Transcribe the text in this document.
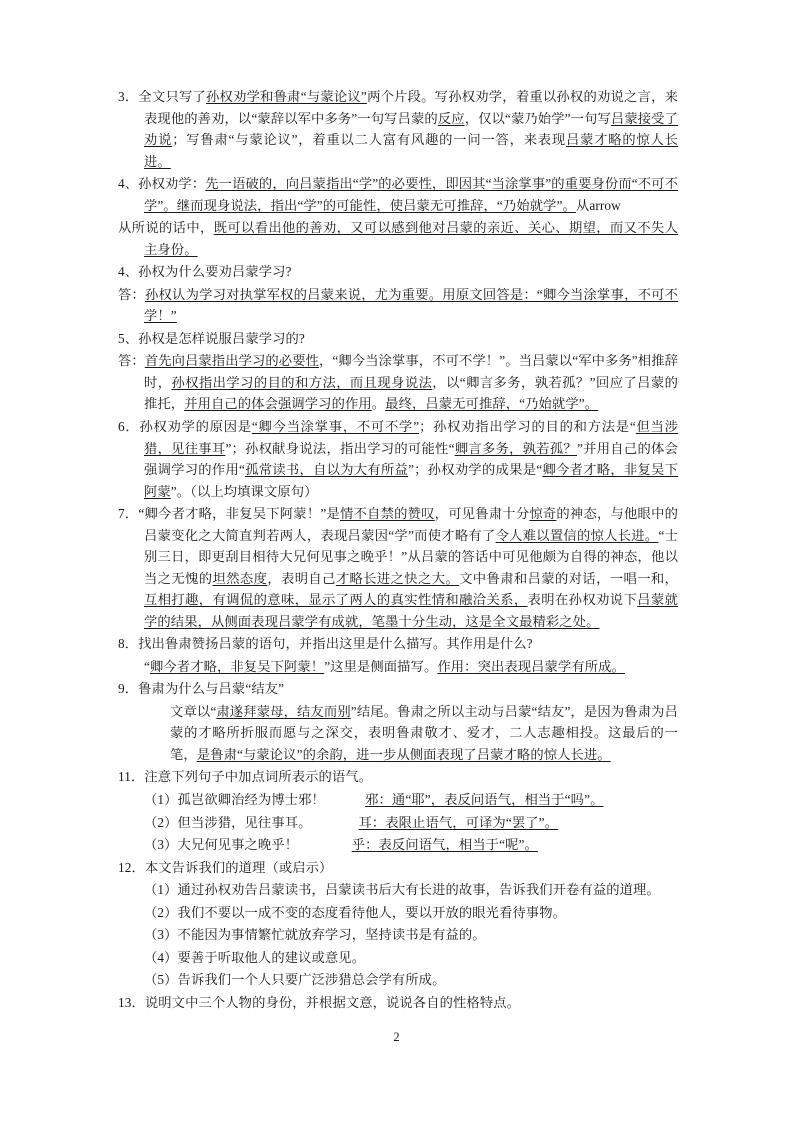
3．全文只写了孙权劝学和鲁肃“与蒙论议”两个片段。写孙权劝学，着重以孙权的劝说之言，来表现他的善劝，以“蒙辞以军中多务”一句写吕蒙的反应，仅以“蒙乃始学”一句写吕蒙接受了劝说；写鲁肃“与蒙论议”，着重以二人富有风趣的一问一答，来表现吕蒙才略的惊人长进。
4、孙权劝学：先一语破的，向吕蒙指出“学”的必要性，即因其“当涂掌事”的重要身份而“不可不学”。继而现身说法，指出“学”的可能性，使吕蒙无可推辞，“乃始就学”。从arrow
从所说的话中，既可以看出他的善劝，又可以感到他对吕蒙的亲近、关心、期望，而又不失人主身份。
4、孙权为什么要劝吕蒙学习?
答：孙权认为学习对执掌军权的吕蒙来说，尤为重要。用原文回答是：“卿今当涂掌事，不可不学！”
5、孙权是怎样说服吕蒙学习的?
答：首先向吕蒙指出学习的必要性，“卿今当涂掌事，不可不学！”。当吕蒙以“军中多务”相推辞时，孙权指出学习的目的和方法，而且现身说法，以“卿言多务，孰若孤？”回应了吕蒙的推托，并用自己的体会强调学习的作用。最终，吕蒙无可推辞，“乃始就学”。
6．孙权劝学的原因是“卿今当涂掌事，不可不学”；孙权劝指出学习的目的和方法是“但当涉猎，见往事耳”；孙权献身说法，指出学习的可能性“卿言多务，孰若孤？”并用自己的体会强调学习的作用“孤常读书，自以为大有所益”；孙权劝学的成果是“卿今者才略，非复吴下阿蒙”。（以上均填课文原句）
7．“卿今者才略，非复吴下阿蒙！”是情不自禁的赞叹，可见鲁肃十分惊奇的神态，与他眼中的吕蒙变化之大简直判若两人，表现吕蒙因“学”而使才略有了令人难以置信的惊人长进。“士别三日，即更刮目相待大兄何见事之晚乎！”从吕蒙的答话中可见他颇为自得的神态，他以当之无愧的坦然态度，表明自己才略长进之快之大。文中鲁肃和吕蒙的对话，一唱一和，互相打趣，有调侃的意味，显示了两人的真实性情和融洽关系，表明在孙权劝说下吕蒙就学的结果，从侧面表现吕蒙学有成就，笔墨十分生动，这是全文最精彩之处。
8．找出鲁肃赞扬吕蒙的语句，并指出这里是什么描写。其作用是什么?
“卿今者才略，非复吴下阿蒙！”这里是侧面描写。作用：突出表现吕蒙学有所成。
9．鲁肃为什么与吕蒙“结友”
文章以“肃遂拜蒙母，结友而别”结尾。鲁肃之所以主动与吕蒙“结友”，是因为鲁肃为吕蒙的才略所折服而愿与之深交，表明鲁肃敬才、爱才，二人志趣相投。这最后的一笔，是鲁肃“与蒙论议”的余韵，进一步从侧面表现了吕蒙才略的惊人长进。
11．注意下列句子中加点词所表示的语气。
（1）孤岂欲卿治经为博士邪！　　　	邪：通“耶”，表反问语气，相当于“吗”。
（2）但当涉猎，见往事耳。　　　　	耳：表限止语气，可译为“罢了”。
（3）大兄何见事之晚乎！　　　　	乎：表反问语气，相当于“呢”。
12．本文告诉我们的道理（或启示）
（1）通过孙权劝告吕蒙读书，吕蒙读书后大有长进的故事，告诉我们开卷有益的道理。
（2）我们不要以一成不变的态度看待他人，要以开放的眼光看待事物。
（3）不能因为事情繁忙就放弃学习，坚持读书是有益的。
（4）要善于听取他人的建议或意见。
（5）告诉我们一个人只要广泛涉猎总会学有所成。
13．说明文中三个人物的身份，并根据文意，说说各自的性格特点。
2
